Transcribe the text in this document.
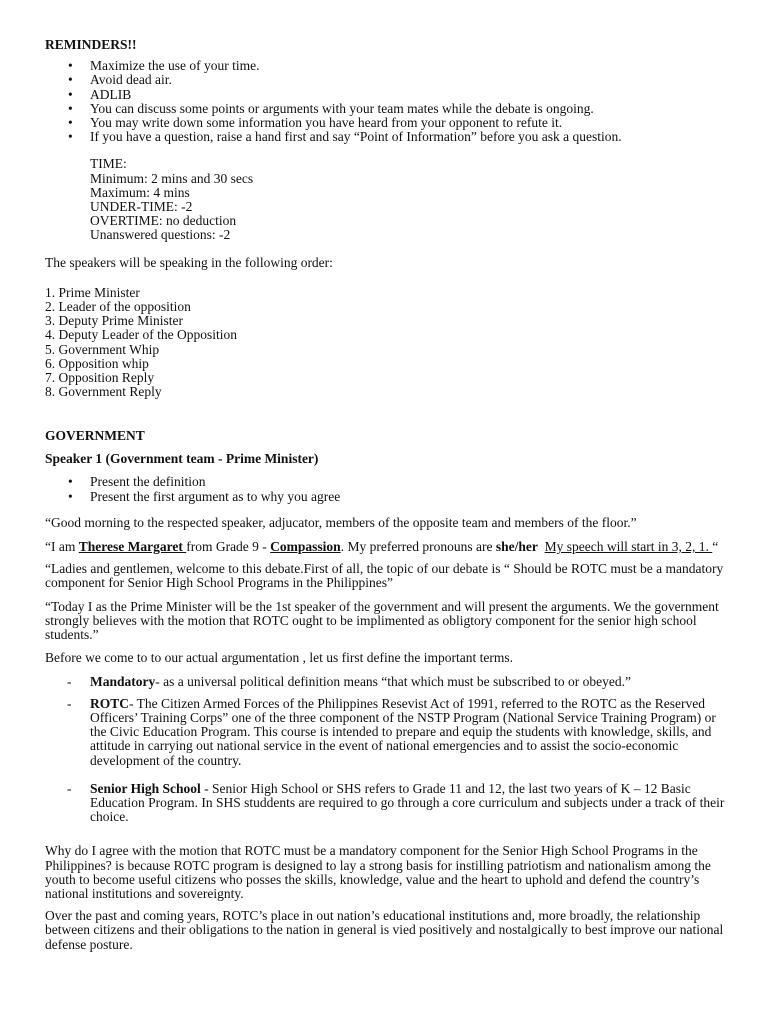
REMINDERS!!

• Maximize the use of your time.
• Avoid dead air.
• ADLIB
• You can discuss some points or arguments with your team mates while the debate is ongoing.
• You may write down some information you have heard from your opponent to refute it.
• If you have a question, raise a hand first and say “Point of Information” before you ask a question.
TIME:
Minimum: 2 mins and 30 secs
Maximum: 4 mins
UNDER-TIME: -2
OVERTIME: no deduction
Unanswered questions: -2

The speakers will be speaking in the following order:

1. Prime Minister
2. Leader of the opposition
3. Deputy Prime Minister
4. Deputy Leader of the Opposition
5. Government Whip
6. Opposition whip
7. Opposition Reply
8. Government Reply

GOVERNMENT

Speaker 1 (Government team - Prime Minister)

• Present the definition
• Present the first argument as to why you agree

“Good morning to the respected speaker, adjucator, members of the opposite team and members of the floor.”

“I am Therese Margaret from Grade 9 - Compassion. My preferred pronouns are she/her My speech will start in 3, 2, 1. “

“Ladies and gentlemen, welcome to this debate.First of all, the topic of our debate is “ Should be ROTC must be a mandatory component for Senior High School Programs in the Philippines”

“Today I as the Prime Minister will be the 1st speaker of the government and will present the arguments. We the government strongly believes with the motion that ROTC ought to be implimented as obligtory component for the senior high school students.”

Before we come to to our actual argumentation , let us first define the important terms.

- Mandatory- as a universal political definition means “that which must be subscribed to or obeyed.”
- ROTC- The Citizen Armed Forces of the Philippines Resevist Act of 1991, referred to the ROTC as the Reserved Officers’ Training Corps” one of the three component of the NSTP Program (National Service Training Program) or the Civic Education Program. This course is intended to prepare and equip the students with knowledge, skills, and attitude in carrying out national service in the event of national emergencies and to assist the socio-economic development of the country.
- Senior High School - Senior High School or SHS refers to Grade 11 and 12, the last two years of K – 12 Basic Education Program. In SHS studdents are required to go through a core curriculum and subjects under a track of their choice.

Why do I agree with the motion that ROTC must be a mandatory component for the Senior High School Programs in the Philippines? is because ROTC program is designed to lay a strong basis for instilling patriotism and nationalism among the youth to become useful citizens who posses the skills, knowledge, value and the heart to uphold and defend the country’s national institutions and sovereignty.

Over the past and coming years, ROTC’s place in out nation’s educational institutions and, more broadly, the relationship between citizens and their obligations to the nation in general is vied positively and nostalgically to best improve our national defense posture.
